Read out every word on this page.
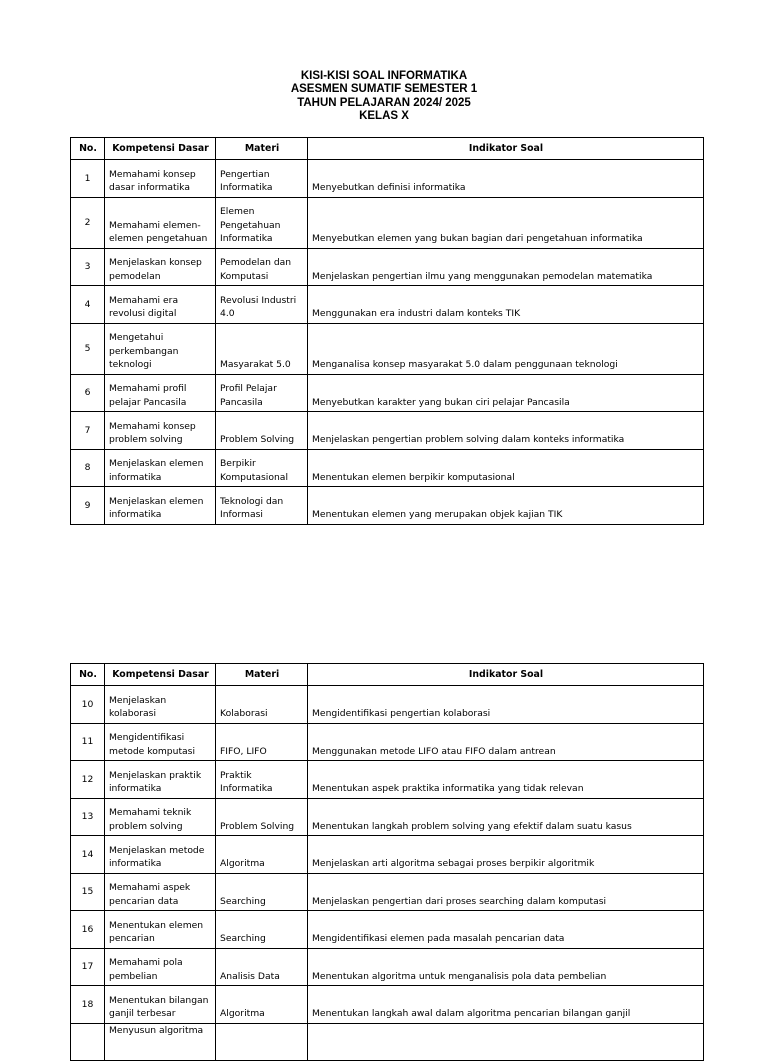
KISI-KISI SOAL INFORMATIKA
ASESMEN SUMATIF SEMESTER 1
TAHUN PELAJARAN 2024/ 2025
KELAS X
No.	Kompetensi Dasar	Materi	Indikator Soal
1	Memahami konsep dasar informatika	Pengertian Informatika	Menyebutkan definisi informatika
2	Memahami elemen-elemen pengetahuan	Elemen Pengetahuan Informatika	Menyebutkan elemen yang bukan bagian dari pengetahuan informatika
3	Menjelaskan konsep pemodelan	Pemodelan dan Komputasi	Menjelaskan pengertian ilmu yang menggunakan pemodelan matematika
4	Memahami era revolusi digital	Revolusi Industri 4.0	Menggunakan era industri dalam konteks TIK
5	Mengetahui perkembangan teknologi	Masyarakat 5.0	Menganalisa konsep masyarakat 5.0 dalam penggunaan teknologi
6	Memahami profil pelajar Pancasila	Profil Pelajar Pancasila	Menyebutkan karakter yang bukan ciri pelajar Pancasila
7	Memahami konsep problem solving	Problem Solving	Menjelaskan pengertian problem solving dalam konteks informatika
8	Menjelaskan elemen informatika	Berpikir Komputasional	Menentukan elemen berpikir komputasional
9	Menjelaskan elemen informatika	Teknologi dan Informasi	Menentukan elemen yang merupakan objek kajian TIK
No.	Kompetensi Dasar	Materi	Indikator Soal
10	Menjelaskan kolaborasi	Kolaborasi	Mengidentifikasi pengertian kolaborasi
11	Mengidentifikasi metode komputasi	FIFO, LIFO	Menggunakan metode LIFO atau FIFO dalam antrean
12	Menjelaskan praktik informatika	Praktik Informatika	Menentukan aspek praktika informatika yang tidak relevan
13	Memahami teknik problem solving	Problem Solving	Menentukan langkah problem solving yang efektif dalam suatu kasus
14	Menjelaskan metode informatika	Algoritma	Menjelaskan arti algoritma sebagai proses berpikir algoritmik
15	Memahami aspek pencarian data	Searching	Menjelaskan pengertian dari proses searching dalam komputasi
16	Menentukan elemen pencarian	Searching	Mengidentifikasi elemen pada masalah pencarian data
17	Memahami pola pembelian	Analisis Data	Menentukan algoritma untuk menganalisis pola data pembelian
18	Menentukan bilangan ganjil terbesar	Algoritma	Menentukan langkah awal dalam algoritma pencarian bilangan ganjil
	Menyusun algoritma		
